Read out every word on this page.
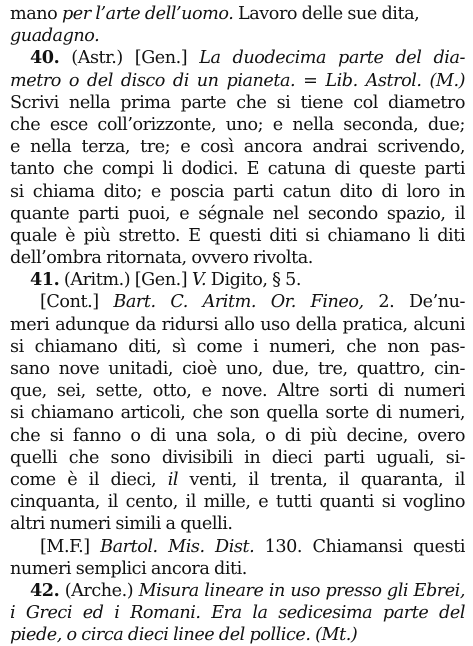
mano per l’arte dell’uomo. Lavoro delle sue dita,
guadagno.
40. (Astr.) [Gen.] La duodecima parte del dia-
metro o del disco di un pianeta. = Lib. Astrol. (M.)
Scrivi nella prima parte che si tiene col diametro
che esce coll’orizzonte, uno; e nella seconda, due;
e nella terza, tre; e così ancora andrai scrivendo,
tanto che compi li dodici. E catuna di queste parti
si chiama dito; e poscia parti catun dito di loro in
quante parti puoi, e ségnale nel secondo spazio, il
quale è più stretto. E questi diti si chiamano li diti
dell’ombra ritornata, ovvero rivolta.
41. (Aritm.) [Gen.] V. Digito, § 5.
[Cont.] Bart. C. Aritm. Or. Fineo, 2. De’nu-
meri adunque da ridursi allo uso della pratica, alcuni
si chiamano diti, sì come i numeri, che non pas-
sano nove unitadi, cioè uno, due, tre, quattro, cin-
que, sei, sette, otto, e nove. Altre sorti di numeri
si chiamano articoli, che son quella sorte di numeri,
che si fanno o di una sola, o di più decine, overo
quelli che sono divisibili in dieci parti uguali, si-
come è il dieci, il venti, il trenta, il quaranta, il
cinquanta, il cento, il mille, e tutti quanti si voglino
altri numeri simili a quelli.
[M.F.] Bartol. Mis. Dist. 130. Chiamansi questi
numeri semplici ancora diti.
42. (Arche.) Misura lineare in uso presso gli Ebrei,
i Greci ed i Romani. Era la sedicesima parte del
piede, o circa dieci linee del pollice. (Mt.)
